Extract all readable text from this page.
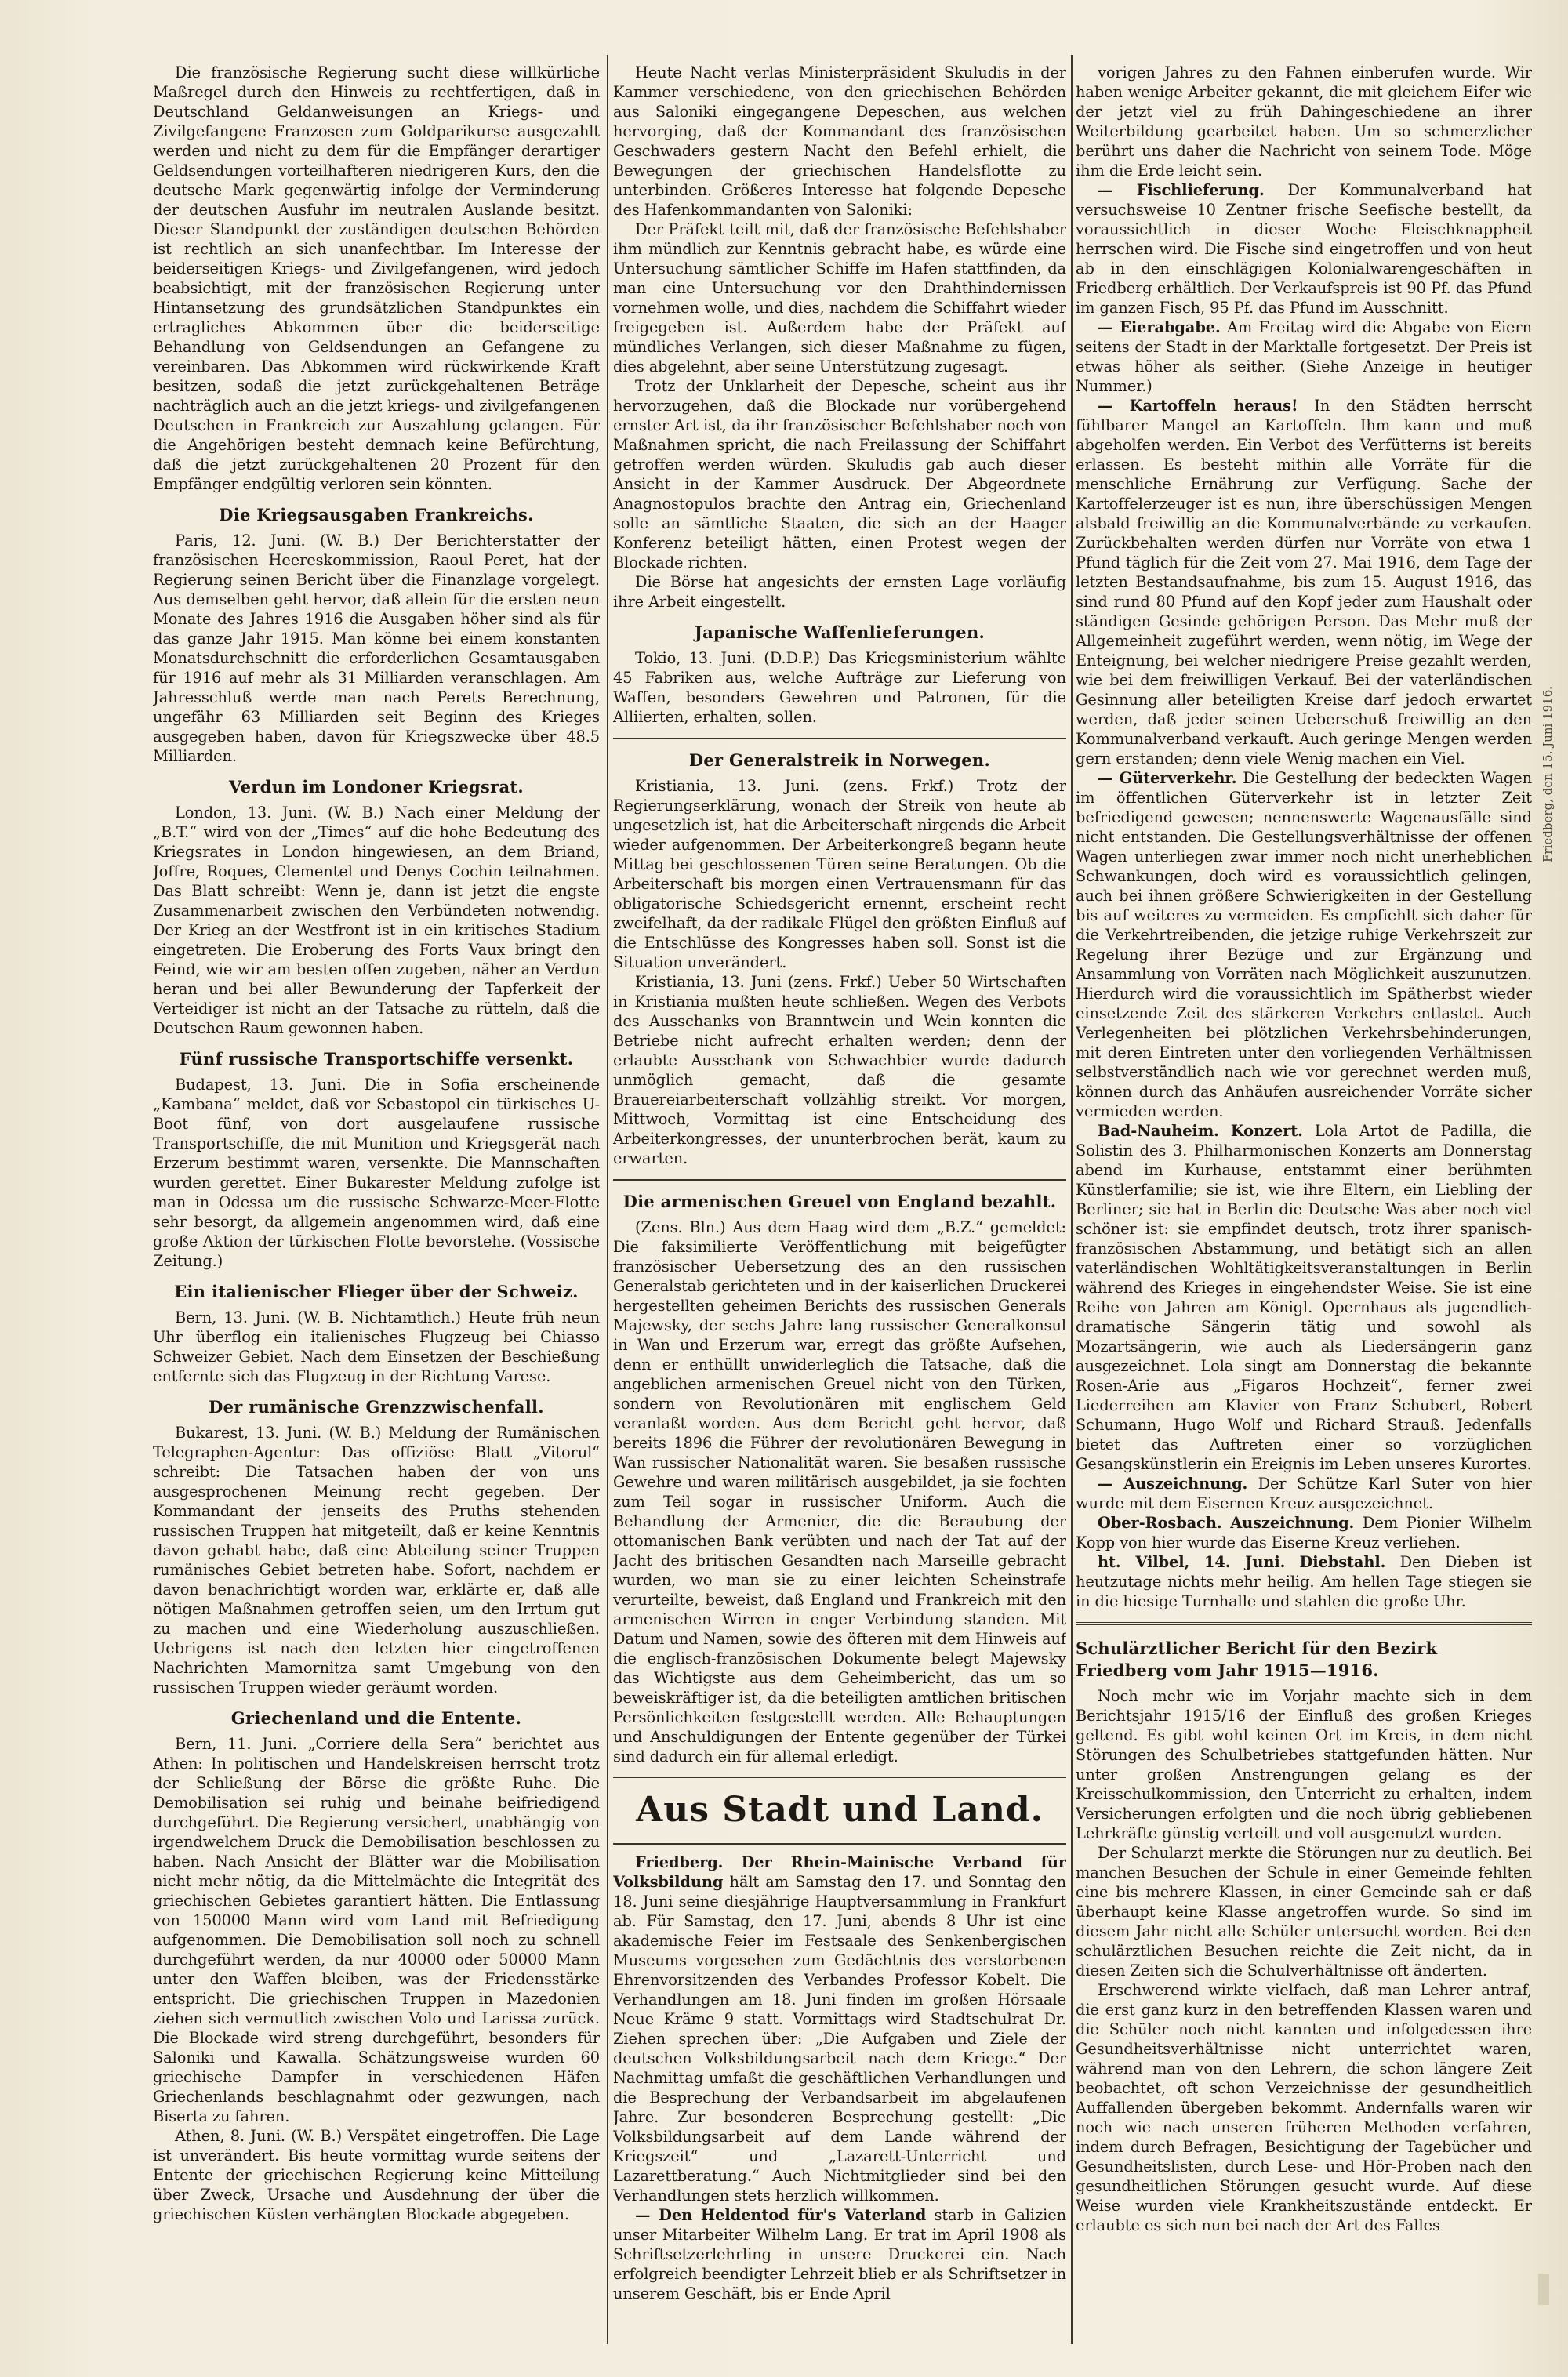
Die französische Regierung sucht diese willkürliche Maßregel durch den Hinweis zu rechtfertigen, daß in Deutschland Geldanweisungen an Kriegs- und Zivilgefangene Franzosen zum Goldparikurse ausgezahlt werden und nicht zu dem für die Empfänger derartiger Geldsendungen vorteilhafteren niedrigeren Kurs, den die deutsche Mark gegenwärtig infolge der Verminderung der deutschen Ausfuhr im neutralen Auslande besitzt. Dieser Standpunkt der zuständigen deutschen Behörden ist rechtlich an sich unanfechtbar. Im Interesse der beiderseitigen Kriegs- und Zivilgefangenen, wird jedoch beabsichtigt, mit der französischen Regierung unter Hintansetzung des grundsätzlichen Standpunktes ein ertragliches Abkommen über die beiderseitige Behandlung von Geldsendungen an Gefangene zu vereinbaren. Das Abkommen wird rückwirkende Kraft besitzen, sodaß die jetzt zurückgehaltenen Beträge nachträglich auch an die jetzt kriegs- und zivilgefangenen Deutschen in Frankreich zur Auszahlung gelangen. Für die Angehörigen besteht demnach keine Befürchtung, daß die jetzt zurückgehaltenen 20 Prozent für den Empfänger endgültig verloren sein könnten.

Die Kriegsausgaben Frankreichs.

Paris, 12. Juni. (W. B.) Der Berichterstatter der französischen Heereskommission, Raoul Peret, hat der Regierung seinen Bericht über die Finanzlage vorgelegt. Aus demselben geht hervor, daß allein für die ersten neun Monate des Jahres 1916 die Ausgaben höher sind als für das ganze Jahr 1915. Man könne bei einem konstanten Monatsdurchschnitt die erforderlichen Gesamtausgaben für 1916 auf mehr als 31 Milliarden veranschlagen. Am Jahresschluß werde man nach Perets Berechnung, ungefähr 63 Milliarden seit Beginn des Krieges ausgegeben haben, davon für Kriegszwecke über 48.5 Milliarden.

Verdun im Londoner Kriegsrat.

London, 13. Juni. (W. B.) Nach einer Meldung der „B.T.“ wird von der „Times“ auf die hohe Bedeutung des Kriegsrates in London hingewiesen, an dem Briand, Joffre, Roques, Clementel und Denys Cochin teilnahmen. Das Blatt schreibt: Wenn je, dann ist jetzt die engste Zusammenarbeit zwischen den Verbündeten notwendig. Der Krieg an der Westfront ist in ein kritisches Stadium eingetreten. Die Eroberung des Forts Vaux bringt den Feind, wie wir am besten offen zugeben, näher an Verdun heran und bei aller Bewunderung der Tapferkeit der Verteidiger ist nicht an der Tatsache zu rütteln, daß die Deutschen Raum gewonnen haben.

Fünf russische Transportschiffe versenkt.

Budapest, 13. Juni. Die in Sofia erscheinende „Kambana“ meldet, daß vor Sebastopol ein türkisches U-Boot fünf, von dort ausgelaufene russische Transportschiffe, die mit Munition und Kriegsgerät nach Erzerum bestimmt waren, versenkte. Die Mannschaften wurden gerettet. Einer Bukarester Meldung zufolge ist man in Odessa um die russische Schwarze-Meer-Flotte sehr besorgt, da allgemein angenommen wird, daß eine große Aktion der türkischen Flotte bevorstehe. (Vossische Zeitung.)

Ein italienischer Flieger über der Schweiz.

Bern, 13. Juni. (W. B. Nichtamtlich.) Heute früh neun Uhr überflog ein italienisches Flugzeug bei Chiasso Schweizer Gebiet. Nach dem Einsetzen der Beschießung entfernte sich das Flugzeug in der Richtung Varese.

Der rumänische Grenzzwischenfall.

Bukarest, 13. Juni. (W. B.) Meldung der Rumänischen Telegraphen-Agentur: Das offiziöse Blatt „Vitorul“ schreibt: Die Tatsachen haben der von uns ausgesprochenen Meinung recht gegeben. Der Kommandant der jenseits des Pruths stehenden russischen Truppen hat mitgeteilt, daß er keine Kenntnis davon gehabt habe, daß eine Abteilung seiner Truppen rumänisches Gebiet betreten habe. Sofort, nachdem er davon benachrichtigt worden war, erklärte er, daß alle nötigen Maßnahmen getroffen seien, um den Irrtum gut zu machen und eine Wiederholung auszuschließen. Uebrigens ist nach den letzten hier eingetroffenen Nachrichten Mamornitza samt Umgebung von den russischen Truppen wieder geräumt worden.

Griechenland und die Entente.

Bern, 11. Juni. „Corriere della Sera“ berichtet aus Athen: In politischen und Handelskreisen herrscht trotz der Schließung der Börse die größte Ruhe. Die Demobilisation sei ruhig und beinahe beifriedigend durchgeführt. Die Regierung versichert, unabhängig von irgendwelchem Druck die Demobilisation beschlossen zu haben. Nach Ansicht der Blätter war die Mobilisation nicht mehr nötig, da die Mittelmächte die Integrität des griechischen Gebietes garantiert hätten. Die Entlassung von 150000 Mann wird vom Land mit Befriedigung aufgenommen. Die Demobilisation soll noch zu schnell durchgeführt werden, da nur 40000 oder 50000 Mann unter den Waffen bleiben, was der Friedensstärke entspricht. Die griechischen Truppen in Mazedonien ziehen sich vermutlich zwischen Volo und Larissa zurück. Die Blockade wird streng durchgeführt, besonders für Saloniki und Kawalla. Schätzungsweise wurden 60 griechische Dampfer in verschiedenen Häfen Griechenlands beschlagnahmt oder gezwungen, nach Biserta zu fahren.

Athen, 8. Juni. (W. B.) Verspätet eingetroffen. Die Lage ist unverändert. Bis heute vormittag wurde seitens der Entente der griechischen Regierung keine Mitteilung über Zweck, Ursache und Ausdehnung der über die griechischen Küsten verhängten Blockade abgegeben.

Heute Nacht verlas Ministerpräsident Skuludis in der Kammer verschiedene, von den griechischen Behörden aus Saloniki eingegangene Depeschen, aus welchen hervorging, daß der Kommandant des französischen Geschwaders gestern Nacht den Befehl erhielt, die Bewegungen der griechischen Handelsflotte zu unterbinden. Größeres Interesse hat folgende Depesche des Hafenkommandanten von Saloniki:

Der Präfekt teilt mit, daß der französische Befehlshaber ihm mündlich zur Kenntnis gebracht habe, es würde eine Untersuchung sämtlicher Schiffe im Hafen stattfinden, da man eine Untersuchung vor den Drahthindernissen vornehmen wolle, und dies, nachdem die Schiffahrt wieder freigegeben ist. Außerdem habe der Präfekt auf mündliches Verlangen, sich dieser Maßnahme zu fügen, dies abgelehnt, aber seine Unterstützung zugesagt.

Trotz der Unklarheit der Depesche, scheint aus ihr hervorzugehen, daß die Blockade nur vorübergehend ernster Art ist, da ihr französischer Befehlshaber noch von Maßnahmen spricht, die nach Freilassung der Schiffahrt getroffen werden würden. Skuludis gab auch dieser Ansicht in der Kammer Ausdruck. Der Abgeordnete Anagnostopulos brachte den Antrag ein, Griechenland solle an sämtliche Staaten, die sich an der Haager Konferenz beteiligt hätten, einen Protest wegen der Blockade richten.

Die Börse hat angesichts der ernsten Lage vorläufig ihre Arbeit eingestellt.

Japanische Waffenlieferungen.

Tokio, 13. Juni. (D.D.P.) Das Kriegsministerium wählte 45 Fabriken aus, welche Aufträge zur Lieferung von Waffen, besonders Gewehren und Patronen, für die Alliierten, erhalten, sollen.

Der Generalstreik in Norwegen.

Kristiania, 13. Juni. (zens. Frkf.) Trotz der Regierungserklärung, wonach der Streik von heute ab ungesetzlich ist, hat die Arbeiterschaft nirgends die Arbeit wieder aufgenommen. Der Arbeiterkongreß begann heute Mittag bei geschlossenen Türen seine Beratungen. Ob die Arbeiterschaft bis morgen einen Vertrauensmann für das obligatorische Schiedsgericht ernennt, erscheint recht zweifelhaft, da der radikale Flügel den größten Einfluß auf die Entschlüsse des Kongresses haben soll. Sonst ist die Situation unverändert.

Kristiania, 13. Juni (zens. Frkf.) Ueber 50 Wirtschaften in Kristiania mußten heute schließen. Wegen des Verbots des Ausschanks von Branntwein und Wein konnten die Betriebe nicht aufrecht erhalten werden; denn der erlaubte Ausschank von Schwachbier wurde dadurch unmöglich gemacht, daß die gesamte Brauereiarbeiterschaft vollzählig streikt. Vor morgen, Mittwoch, Vormittag ist eine Entscheidung des Arbeiterkongresses, der ununterbrochen berät, kaum zu erwarten.

Die armenischen Greuel von England bezahlt.

(Zens. Bln.) Aus dem Haag wird dem „B.Z.“ gemeldet: Die faksimilierte Veröffentlichung mit beigefügter französischer Uebersetzung des an den russischen Generalstab gerichteten und in der kaiserlichen Druckerei hergestellten geheimen Berichts des russischen Generals Majewsky, der sechs Jahre lang russischer Generalkonsul in Wan und Erzerum war, erregt das größte Aufsehen, denn er enthüllt unwiderleglich die Tatsache, daß die angeblichen armenischen Greuel nicht von den Türken, sondern von Revolutionären mit englischem Geld veranlaßt worden. Aus dem Bericht geht hervor, daß bereits 1896 die Führer der revolutionären Bewegung in Wan russischer Nationalität waren. Sie besaßen russische Gewehre und waren militärisch ausgebildet, ja sie fochten zum Teil sogar in russischer Uniform. Auch die Behandlung der Armenier, die die Beraubung der ottomanischen Bank verübten und nach der Tat auf der Jacht des britischen Gesandten nach Marseille gebracht wurden, wo man sie zu einer leichten Scheinstrafe verurteilte, beweist, daß England und Frankreich mit den armenischen Wirren in enger Verbindung standen. Mit Datum und Namen, sowie des öfteren mit dem Hinweis auf die englisch-französischen Dokumente belegt Majewsky das Wichtigste aus dem Geheimbericht, das um so beweiskräftiger ist, da die beteiligten amtlichen britischen Persönlichkeiten festgestellt werden. Alle Behauptungen und Anschuldigungen der Entente gegenüber der Türkei sind dadurch ein für allemal erledigt.

Aus Stadt und Land.

Friedberg. Der Rhein-Mainische Verband für Volksbildung hält am Samstag den 17. und Sonntag den 18. Juni seine diesjährige Hauptversammlung in Frankfurt ab. Für Samstag, den 17. Juni, abends 8 Uhr ist eine akademische Feier im Festsaale des Senkenbergischen Museums vorgesehen zum Gedächtnis des verstorbenen Ehrenvorsitzenden des Verbandes Professor Kobelt. Die Verhandlungen am 18. Juni finden im großen Hörsaale Neue Kräme 9 statt. Vormittags wird Stadtschulrat Dr. Ziehen sprechen über: „Die Aufgaben und Ziele der deutschen Volksbildungsarbeit nach dem Kriege.“ Der Nachmittag umfaßt die geschäftlichen Verhandlungen und die Besprechung der Verbandsarbeit im abgelaufenen Jahre. Zur besonderen Besprechung gestellt: „Die Volksbildungsarbeit auf dem Lande während der Kriegszeit“ und „Lazarett-Unterricht und Lazarettberatung.“ Auch Nichtmitglieder sind bei den Verhandlungen stets herzlich willkommen.

— Den Heldentod für's Vaterland starb in Galizien unser Mitarbeiter Wilhelm Lang. Er trat im April 1908 als Schriftsetzerlehrling in unsere Druckerei ein. Nach erfolgreich beendigter Lehrzeit blieb er als Schriftsetzer in unserem Geschäft, bis er Ende April

vorigen Jahres zu den Fahnen einberufen wurde. Wir haben wenige Arbeiter gekannt, die mit gleichem Eifer wie der jetzt viel zu früh Dahingeschiedene an ihrer Weiterbildung gearbeitet haben. Um so schmerzlicher berührt uns daher die Nachricht von seinem Tode. Möge ihm die Erde leicht sein.

— Fischlieferung. Der Kommunalverband hat versuchsweise 10 Zentner frische Seefische bestellt, da voraussichtlich in dieser Woche Fleischknappheit herrschen wird. Die Fische sind eingetroffen und von heut ab in den einschlägigen Kolonialwarengeschäften in Friedberg erhältlich. Der Verkaufspreis ist 90 Pf. das Pfund im ganzen Fisch, 95 Pf. das Pfund im Ausschnitt.

— Eierabgabe. Am Freitag wird die Abgabe von Eiern seitens der Stadt in der Marktalle fortgesetzt. Der Preis ist etwas höher als seither. (Siehe Anzeige in heutiger Nummer.)

— Kartoffeln heraus! In den Städten herrscht fühlbarer Mangel an Kartoffeln. Ihm kann und muß abgeholfen werden. Ein Verbot des Verfütterns ist bereits erlassen. Es besteht mithin alle Vorräte für die menschliche Ernährung zur Verfügung. Sache der Kartoffelerzeuger ist es nun, ihre überschüssigen Mengen alsbald freiwillig an die Kommunalverbände zu verkaufen. Zurückbehalten werden dürfen nur Vorräte von etwa 1 Pfund täglich für die Zeit vom 27. Mai 1916, dem Tage der letzten Bestandsaufnahme, bis zum 15. August 1916, das sind rund 80 Pfund auf den Kopf jeder zum Haushalt oder ständigen Gesinde gehörigen Person. Das Mehr muß der Allgemeinheit zugeführt werden, wenn nötig, im Wege der Enteignung, bei welcher niedrigere Preise gezahlt werden, wie bei dem freiwilligen Verkauf. Bei der vaterländischen Gesinnung aller beteiligten Kreise darf jedoch erwartet werden, daß jeder seinen Ueberschuß freiwillig an den Kommunalverband verkauft. Auch geringe Mengen werden gern erstanden; denn viele Wenig machen ein Viel.

— Güterverkehr. Die Gestellung der bedeckten Wagen im öffentlichen Güterverkehr ist in letzter Zeit befriedigend gewesen; nennenswerte Wagenausfälle sind nicht entstanden. Die Gestellungsverhältnisse der offenen Wagen unterliegen zwar immer noch nicht unerheblichen Schwankungen, doch wird es voraussichtlich gelingen, auch bei ihnen größere Schwierigkeiten in der Gestellung bis auf weiteres zu vermeiden. Es empfiehlt sich daher für die Verkehrtreibenden, die jetzige ruhige Verkehrszeit zur Regelung ihrer Bezüge und zur Ergänzung und Ansammlung von Vorräten nach Möglichkeit auszunutzen. Hierdurch wird die voraussichtlich im Spätherbst wieder einsetzende Zeit des stärkeren Verkehrs entlastet. Auch Verlegenheiten bei plötzlichen Verkehrsbehinderungen, mit deren Eintreten unter den vorliegenden Verhältnissen selbstverständlich nach wie vor gerechnet werden muß, können durch das Anhäufen ausreichender Vorräte sicher vermieden werden.

Bad-Nauheim. Konzert. Lola Artot de Padilla, die Solistin des 3. Philharmonischen Konzerts am Donnerstag abend im Kurhause, entstammt einer berühmten Künstlerfamilie; sie ist, wie ihre Eltern, ein Liebling der Berliner; sie hat in Berlin die Deutsche Was aber noch viel schöner ist: sie empfindet deutsch, trotz ihrer spanisch-französischen Abstammung, und betätigt sich an allen vaterländischen Wohltätigkeitsveranstaltungen in Berlin während des Krieges in eingehendster Weise. Sie ist eine Reihe von Jahren am Königl. Opernhaus als jugendlich-dramatische Sängerin tätig und sowohl als Mozartsängerin, wie auch als Liedersängerin ganz ausgezeichnet. Lola singt am Donnerstag die bekannte Rosen-Arie aus „Figaros Hochzeit“, ferner zwei Liederreihen am Klavier von Franz Schubert, Robert Schumann, Hugo Wolf und Richard Strauß. Jedenfalls bietet das Auftreten einer so vorzüglichen Gesangskünstlerin ein Ereignis im Leben unseres Kurortes.

— Auszeichnung. Der Schütze Karl Suter von hier wurde mit dem Eisernen Kreuz ausgezeichnet.

Ober-Rosbach. Auszeichnung. Dem Pionier Wilhelm Kopp von hier wurde das Eiserne Kreuz verliehen.

ht. Vilbel, 14. Juni. Diebstahl. Den Dieben ist heutzutage nichts mehr heilig. Am hellen Tage stiegen sie in die hiesige Turnhalle und stahlen die große Uhr.

Schulärztlicher Bericht für den Bezirk Friedberg vom Jahr 1915—1916.

Noch mehr wie im Vorjahr machte sich in dem Berichtsjahr 1915/16 der Einfluß des großen Krieges geltend. Es gibt wohl keinen Ort im Kreis, in dem nicht Störungen des Schulbetriebes stattgefunden hätten. Nur unter großen Anstrengungen gelang es der Kreisschulkommission, den Unterricht zu erhalten, indem Versicherungen erfolgten und die noch übrig gebliebenen Lehrkräfte günstig verteilt und voll ausgenutzt wurden.

Der Schularzt merkte die Störungen nur zu deutlich. Bei manchen Besuchen der Schule in einer Gemeinde fehlten eine bis mehrere Klassen, in einer Gemeinde sah er daß überhaupt keine Klasse angetroffen wurde. So sind im diesem Jahr nicht alle Schüler untersucht worden. Bei den schulärztlichen Besuchen reichte die Zeit nicht, da in diesen Zeiten sich die Schulverhältnisse oft änderten.

Erschwerend wirkte vielfach, daß man Lehrer antraf, die erst ganz kurz in den betreffenden Klassen waren und die Schüler noch nicht kannten und infolgedessen ihre Gesundheitsverhältnisse nicht unterrichtet waren, während man von den Lehrern, die schon längere Zeit beobachtet, oft schon Verzeichnisse der gesundheitlich Auffallenden übergeben bekommt. Andernfalls waren wir noch wie nach unseren früheren Methoden verfahren, indem durch Befragen, Besichtigung der Tagebücher und Gesundheitslisten, durch Lese- und Hör-Proben nach den gesundheitlichen Störungen gesucht wurde. Auf diese Weise wurden viele Krankheitszustände entdeckt. Er erlaubte es sich nun bei nach der Art des Falles

Friedberg, den 15. Juni 1916.
